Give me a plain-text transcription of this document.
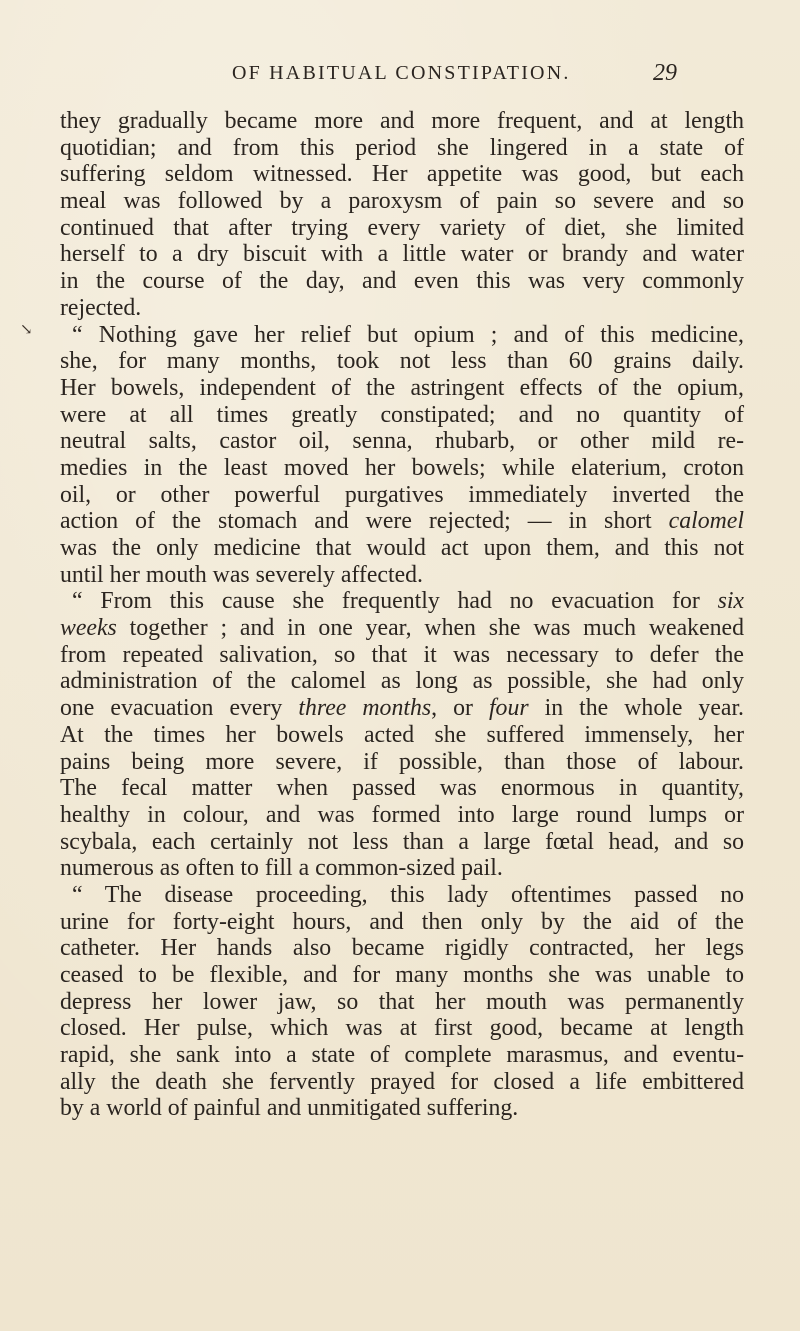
OF HABITUAL CONSTIPATION.	29
↘
they gradually became more and more frequent, and at length
quotidian; and from this period she lingered in a state of
suffering seldom witnessed. Her appetite was good, but each
meal was followed by a paroxysm of pain so severe and so
continued that after trying every variety of diet, she limited
herself to a dry biscuit with a little water or brandy and water
in the course of the day, and even this was very commonly
rejected.
“ Nothing gave her relief but opium ; and of this medicine,
she, for many months, took not less than 60 grains daily.
Her bowels, independent of the astringent effects of the opium,
were at all times greatly constipated; and no quantity of
neutral salts, castor oil, senna, rhubarb, or other mild re-
medies in the least moved her bowels; while elaterium, croton
oil, or other powerful purgatives immediately inverted the
action of the stomach and were rejected; — in short calomel
was the only medicine that would act upon them, and this not
until her mouth was severely affected.
“ From this cause she frequently had no evacuation for six
weeks together ; and in one year, when she was much weakened
from repeated salivation, so that it was necessary to defer the
administration of the calomel as long as possible, she had only
one evacuation every three months, or four in the whole year.
At the times her bowels acted she suffered immensely, her
pains being more severe, if possible, than those of labour.
The fecal matter when passed was enormous in quantity,
healthy in colour, and was formed into large round lumps or
scybala, each certainly not less than a large fœtal head, and so
numerous as often to fill a common-sized pail.
“ The disease proceeding, this lady oftentimes passed no
urine for forty-eight hours, and then only by the aid of the
catheter. Her hands also became rigidly contracted, her legs
ceased to be flexible, and for many months she was unable to
depress her lower jaw, so that her mouth was permanently
closed. Her pulse, which was at first good, became at length
rapid, she sank into a state of complete marasmus, and eventu-
ally the death she fervently prayed for closed a life embittered
by a world of painful and unmitigated suffering.
